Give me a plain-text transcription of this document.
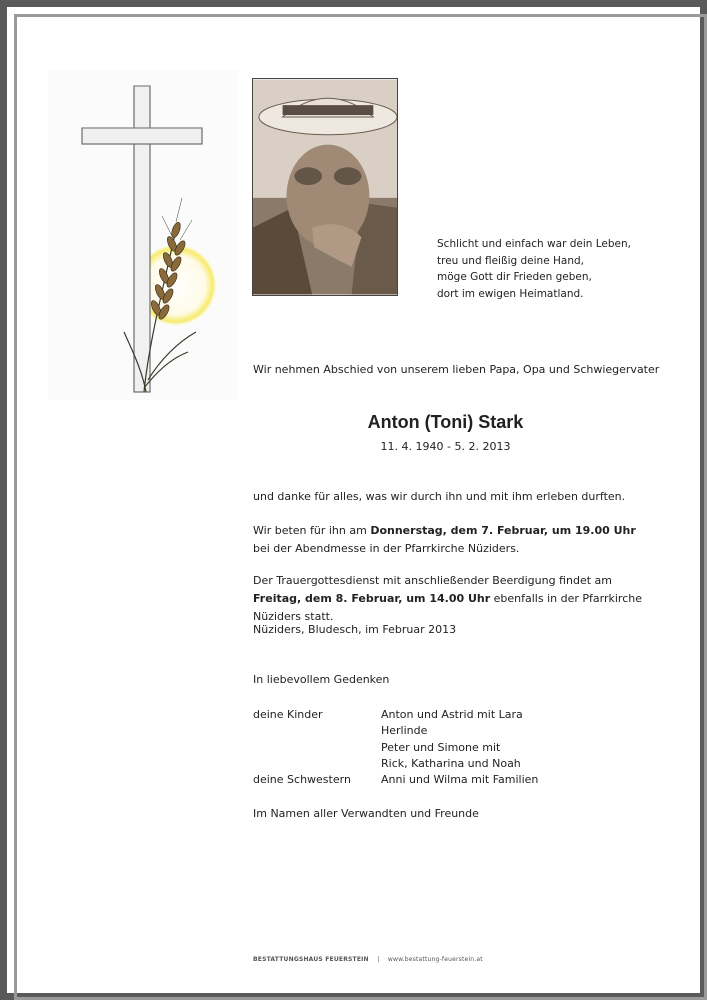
Schlicht und einfach war dein Leben,
treu und fleißig deine Hand,
möge Gott dir Frieden geben,
dort im ewigen Heimatland.
Wir nehmen Abschied von unserem lieben Papa, Opa und Schwiegervater
Anton (Toni) Stark
11. 4. 1940 - 5. 2. 2013
und danke für alles, was wir durch ihn und mit ihm erleben durften.
Wir beten für ihn am Donnerstag, dem 7. Februar, um 19.00 Uhr bei der Abendmesse in der Pfarrkirche Nüziders.
Der Trauergottesdienst mit anschließender Beerdigung findet am Freitag, dem 8. Februar, um 14.00 Uhr ebenfalls in der Pfarrkirche Nüziders statt.
Nüziders, Bludesch, im Februar 2013
In liebevollem Gedenken
deine Kinder	Anton und Astrid mit Lara
Herlinde
Peter und Simone mit
Rick, Katharina und Noah
deine Schwestern	Anni und Wilma mit Familien
Im Namen aller Verwandten und Freunde
BESTATTUNGSHAUS FEUERSTEIN | www.bestattung-feuerstein.at
